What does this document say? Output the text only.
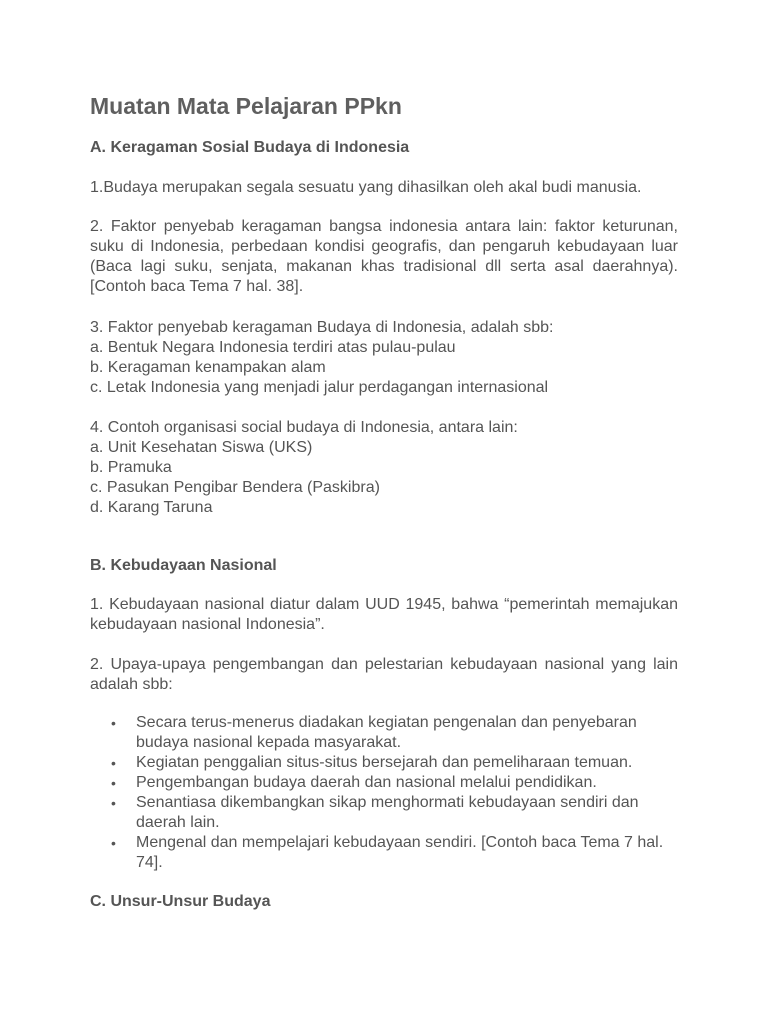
Muatan Mata Pelajaran PPkn
A. Keragaman Sosial Budaya di Indonesia
1.Budaya merupakan segala sesuatu yang dihasilkan oleh akal budi manusia.
2. Faktor penyebab keragaman bangsa indonesia antara lain: faktor keturunan, suku di Indonesia, perbedaan kondisi geografis, dan pengaruh kebudayaan luar (Baca lagi suku, senjata, makanan khas tradisional dll serta asal daerahnya). [Contoh baca Tema 7 hal. 38].
3. Faktor penyebab keragaman Budaya di Indonesia, adalah sbb:
a. Bentuk Negara Indonesia terdiri atas pulau-pulau
b. Keragaman kenampakan alam
c. Letak Indonesia yang menjadi jalur perdagangan internasional
4. Contoh organisasi social budaya di Indonesia, antara lain:
a. Unit Kesehatan Siswa (UKS)
b. Pramuka
c. Pasukan Pengibar Bendera (Paskibra)
d. Karang Taruna
B. Kebudayaan Nasional
1. Kebudayaan nasional diatur dalam UUD 1945, bahwa “pemerintah memajukan kebudayaan nasional Indonesia”.
2. Upaya-upaya pengembangan dan pelestarian kebudayaan nasional yang lain adalah sbb:
• Secara terus-menerus diadakan kegiatan pengenalan dan penyebaran budaya nasional kepada masyarakat.
• Kegiatan penggalian situs-situs bersejarah dan pemeliharaan temuan.
• Pengembangan budaya daerah dan nasional melalui pendidikan.
• Senantiasa dikembangkan sikap menghormati kebudayaan sendiri dan daerah lain.
• Mengenal dan mempelajari kebudayaan sendiri. [Contoh baca Tema 7 hal. 74].
C. Unsur-Unsur Budaya
